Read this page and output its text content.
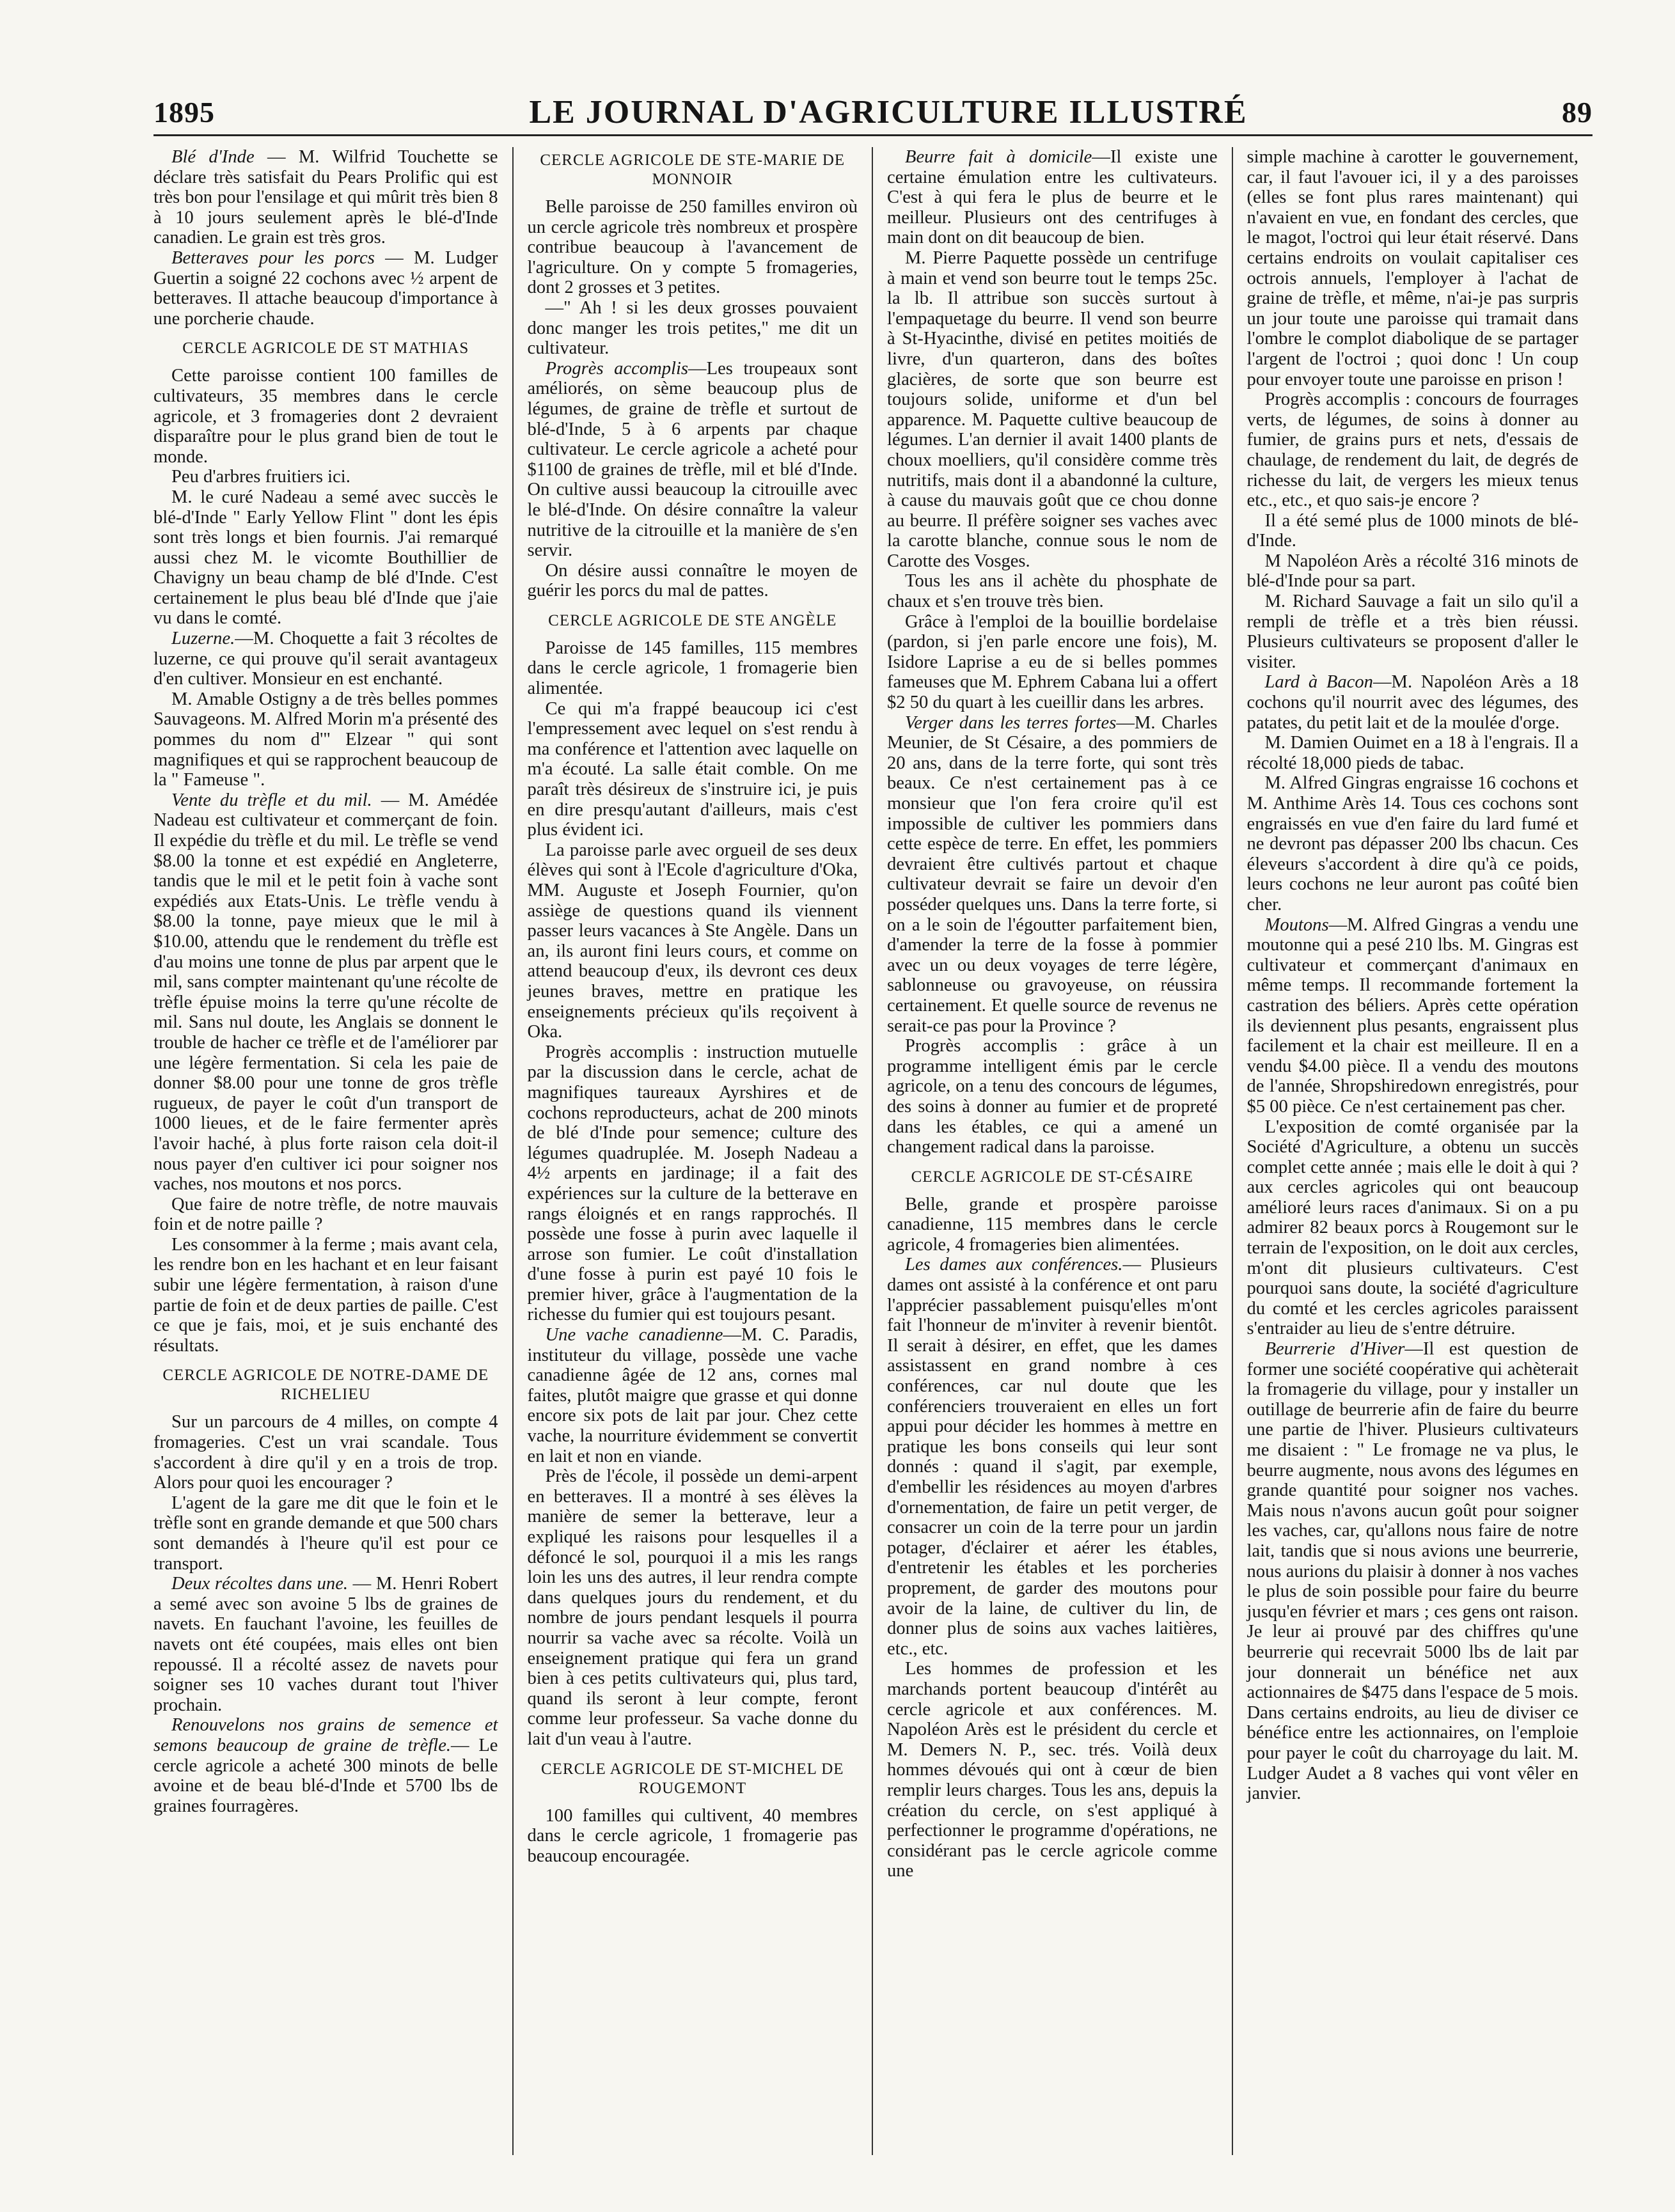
1895	LE JOURNAL D'AGRICULTURE ILLUSTRÉ	89

Blé d'Inde — M. Wilfrid Touchette se déclare très satisfait du Pears Prolific qui est très bon pour l'ensilage et qui mûrit très bien 8 à 10 jours seulement après le blé-d'Inde canadien. Le grain est très gros.

Betteraves pour les porcs — M. Ludger Guertin a soigné 22 cochons avec ½ arpent de betteraves. Il attache beaucoup d'importance à une porcherie chaude.

CERCLE AGRICOLE DE ST MATHIAS

Cette paroisse contient 100 familles de cultivateurs, 35 membres dans le cercle agricole, et 3 fromageries dont 2 devraient disparaître pour le plus grand bien de tout le monde.

Peu d'arbres fruitiers ici.

M. le curé Nadeau a semé avec succès le blé-d'Inde " Early Yellow Flint " dont les épis sont très longs et bien fournis. J'ai remarqué aussi chez M. le vicomte Bouthillier de Chavigny un beau champ de blé d'Inde. C'est certainement le plus beau blé d'Inde que j'aie vu dans le comté.

Luzerne.—M. Choquette a fait 3 récoltes de luzerne, ce qui prouve qu'il serait avantageux d'en cultiver. Monsieur en est enchanté.

M. Amable Ostigny a de très belles pommes Sauvageons. M. Alfred Morin m'a présenté des pommes du nom d'" Elzear " qui sont magnifiques et qui se rapprochent beaucoup de la " Fameuse ".

Vente du trèfle et du mil. — M. Amédée Nadeau est cultivateur et commerçant de foin. Il expédie du trèfle et du mil. Le trèfle se vend $8.00 la tonne et est expédié en Angleterre, tandis que le mil et le petit foin à vache sont expédiés aux Etats-Unis. Le trèfle vendu à $8.00 la tonne, paye mieux que le mil à $10.00, attendu que le rendement du trèfle est d'au moins une tonne de plus par arpent que le mil, sans compter maintenant qu'une récolte de trèfle épuise moins la terre qu'une récolte de mil. Sans nul doute, les Anglais se donnent le trouble de hacher ce trèfle et de l'améliorer par une légère fermentation. Si cela les paie de donner $8.00 pour une tonne de gros trèfle rugueux, de payer le coût d'un transport de 1000 lieues, et de le faire fermenter après l'avoir haché, à plus forte raison cela doit-il nous payer d'en cultiver ici pour soigner nos vaches, nos moutons et nos porcs.

Que faire de notre trèfle, de notre mauvais foin et de notre paille ?

Les consommer à la ferme ; mais avant cela, les rendre bon en les hachant et en leur faisant subir une légère fermentation, à raison d'une partie de foin et de deux parties de paille. C'est ce que je fais, moi, et je suis enchanté des résultats.

CERCLE AGRICOLE DE NOTRE-DAME DE RICHELIEU

Sur un parcours de 4 milles, on compte 4 fromageries. C'est un vrai scandale. Tous s'accordent à dire qu'il y en a trois de trop. Alors pour quoi les encourager ?

L'agent de la gare me dit que le foin et le trèfle sont en grande demande et que 500 chars sont demandés à l'heure qu'il est pour ce transport.

Deux récoltes dans une. — M. Henri Robert a semé avec son avoine 5 lbs de graines de navets. En fauchant l'avoine, les feuilles de navets ont été coupées, mais elles ont bien repoussé. Il a récolté assez de navets pour soigner ses 10 vaches durant tout l'hiver prochain.

Renouvelons nos grains de semence et semons beaucoup de graine de trèfle.— Le cercle agricole a acheté 300 minots de belle avoine et de beau blé-d'Inde et 5700 lbs de graines fourragères.

CERCLE AGRICOLE DE STE-MARIE DE MONNOIR

Belle paroisse de 250 familles environ où un cercle agricole très nombreux et prospère contribue beaucoup à l'avancement de l'agriculture. On y compte 5 fromageries, dont 2 grosses et 3 petites.

—" Ah ! si les deux grosses pouvaient donc manger les trois petites," me dit un cultivateur.

Progrès accomplis—Les troupeaux sont améliorés, on sème beaucoup plus de légumes, de graine de trèfle et surtout de blé-d'Inde, 5 à 6 arpents par chaque cultivateur. Le cercle agricole a acheté pour $1100 de graines de trèfle, mil et blé d'Inde. On cultive aussi beaucoup la citrouille avec le blé-d'Inde. On désire connaître la valeur nutritive de la citrouille et la manière de s'en servir.

On désire aussi connaître le moyen de guérir les porcs du mal de pattes.

CERCLE AGRICOLE DE STE ANGÈLE

Paroisse de 145 familles, 115 membres dans le cercle agricole, 1 fromagerie bien alimentée.

Ce qui m'a frappé beaucoup ici c'est l'empressement avec lequel on s'est rendu à ma conférence et l'attention avec laquelle on m'a écouté. La salle était comble. On me paraît très désireux de s'instruire ici, je puis en dire presqu'autant d'ailleurs, mais c'est plus évident ici.

La paroisse parle avec orgueil de ses deux élèves qui sont à l'Ecole d'agriculture d'Oka, MM. Auguste et Joseph Fournier, qu'on assiège de questions quand ils viennent passer leurs vacances à Ste Angèle. Dans un an, ils auront fini leurs cours, et comme on attend beaucoup d'eux, ils devront ces deux jeunes braves, mettre en pratique les enseignements précieux qu'ils reçoivent à Oka.

Progrès accomplis : instruction mutuelle par la discussion dans le cercle, achat de magnifiques taureaux Ayrshires et de cochons reproducteurs, achat de 200 minots de blé d'Inde pour semence; culture des légumes quadruplée. M. Joseph Nadeau a 4½ arpents en jardinage; il a fait des expériences sur la culture de la betterave en rangs éloignés et en rangs rapprochés. Il possède une fosse à purin avec laquelle il arrose son fumier. Le coût d'installation d'une fosse à purin est payé 10 fois le premier hiver, grâce à l'augmentation de la richesse du fumier qui est toujours pesant.

Une vache canadienne—M. C. Paradis, instituteur du village, possède une vache canadienne âgée de 12 ans, cornes mal faites, plutôt maigre que grasse et qui donne encore six pots de lait par jour. Chez cette vache, la nourriture évidemment se convertit en lait et non en viande.

Près de l'école, il possède un demi-arpent en betteraves. Il a montré à ses élèves la manière de semer la betterave, leur a expliqué les raisons pour lesquelles il a défoncé le sol, pourquoi il a mis les rangs loin les uns des autres, il leur rendra compte dans quelques jours du rendement, et du nombre de jours pendant lesquels il pourra nourrir sa vache avec sa récolte. Voilà un enseignement pratique qui fera un grand bien à ces petits cultivateurs qui, plus tard, quand ils seront à leur compte, feront comme leur professeur. Sa vache donne du lait d'un veau à l'autre.

CERCLE AGRICOLE DE ST-MICHEL DE ROUGEMONT

100 familles qui cultivent, 40 membres dans le cercle agricole, 1 fromagerie pas beaucoup encouragée.

Beurre fait à domicile—Il existe une certaine émulation entre les cultivateurs. C'est à qui fera le plus de beurre et le meilleur. Plusieurs ont des centrifuges à main dont on dit beaucoup de bien.

M. Pierre Paquette possède un centrifuge à main et vend son beurre tout le temps 25c. la lb. Il attribue son succès surtout à l'empaquetage du beurre. Il vend son beurre à St-Hyacinthe, divisé en petites moitiés de livre, d'un quarteron, dans des boîtes glacières, de sorte que son beurre est toujours solide, uniforme et d'un bel apparence. M. Paquette cultive beaucoup de légumes. L'an dernier il avait 1400 plants de choux moelliers, qu'il considère comme très nutritifs, mais dont il a abandonné la culture, à cause du mauvais goût que ce chou donne au beurre. Il préfère soigner ses vaches avec la carotte blanche, connue sous le nom de Carotte des Vosges.

Tous les ans il achète du phosphate de chaux et s'en trouve très bien.

Grâce à l'emploi de la bouillie bordelaise (pardon, si j'en parle encore une fois), M. Isidore Laprise a eu de si belles pommes fameuses que M. Ephrem Cabana lui a offert $2 50 du quart à les cueillir dans les arbres.

Verger dans les terres fortes—M. Charles Meunier, de St Césaire, a des pommiers de 20 ans, dans de la terre forte, qui sont très beaux. Ce n'est certainement pas à ce monsieur que l'on fera croire qu'il est impossible de cultiver les pommiers dans cette espèce de terre. En effet, les pommiers devraient être cultivés partout et chaque cultivateur devrait se faire un devoir d'en posséder quelques uns. Dans la terre forte, si on a le soin de l'égoutter parfaitement bien, d'amender la terre de la fosse à pommier avec un ou deux voyages de terre légère, sablonneuse ou gravoyeuse, on réussira certainement. Et quelle source de revenus ne serait-ce pas pour la Province ?

Progrès accomplis : grâce à un programme intelligent émis par le cercle agricole, on a tenu des concours de légumes, des soins à donner au fumier et de propreté dans les étables, ce qui a amené un changement radical dans la paroisse.

CERCLE AGRICOLE DE ST-CÉSAIRE

Belle, grande et prospère paroisse canadienne, 115 membres dans le cercle agricole, 4 fromageries bien alimentées.

Les dames aux conférences.— Plusieurs dames ont assisté à la conférence et ont paru l'apprécier passablement puisqu'elles m'ont fait l'honneur de m'inviter à revenir bientôt. Il serait à désirer, en effet, que les dames assistassent en grand nombre à ces conférences, car nul doute que les conférenciers trouveraient en elles un fort appui pour décider les hommes à mettre en pratique les bons conseils qui leur sont donnés : quand il s'agit, par exemple, d'embellir les résidences au moyen d'arbres d'ornementation, de faire un petit verger, de consacrer un coin de la terre pour un jardin potager, d'éclairer et aérer les étables, d'entretenir les étables et les porcheries proprement, de garder des moutons pour avoir de la laine, de cultiver du lin, de donner plus de soins aux vaches laitières, etc., etc.

Les hommes de profession et les marchands portent beaucoup d'intérêt au cercle agricole et aux conférences. M. Napoléon Arès est le président du cercle et M. Demers N. P., sec. trés. Voilà deux hommes dévoués qui ont à cœur de bien remplir leurs charges. Tous les ans, depuis la création du cercle, on s'est appliqué à perfectionner le programme d'opérations, ne considérant pas le cercle agricole comme une

simple machine à carotter le gouvernement, car, il faut l'avouer ici, il y a des paroisses (elles se font plus rares maintenant) qui n'avaient en vue, en fondant des cercles, que le magot, l'octroi qui leur était réservé. Dans certains endroits on voulait capitaliser ces octrois annuels, l'employer à l'achat de graine de trèfle, et même, n'ai-je pas surpris un jour toute une paroisse qui tramait dans l'ombre le complot diabolique de se partager l'argent de l'octroi ; quoi donc ! Un coup pour envoyer toute une paroisse en prison !

Progrès accomplis : concours de fourrages verts, de légumes, de soins à donner au fumier, de grains purs et nets, d'essais de chaulage, de rendement du lait, de degrés de richesse du lait, de vergers les mieux tenus etc., etc., et quo sais-je encore ?

Il a été semé plus de 1000 minots de blé-d'Inde.

M Napoléon Arès a récolté 316 minots de blé-d'Inde pour sa part.

M. Richard Sauvage a fait un silo qu'il a rempli de trèfle et a très bien réussi. Plusieurs cultivateurs se proposent d'aller le visiter.

Lard à Bacon—M. Napoléon Arès a 18 cochons qu'il nourrit avec des légumes, des patates, du petit lait et de la moulée d'orge.

M. Damien Ouimet en a 18 à l'engrais. Il a récolté 18,000 pieds de tabac.

M. Alfred Gingras engraisse 16 cochons et M. Anthime Arès 14. Tous ces cochons sont engraissés en vue d'en faire du lard fumé et ne devront pas dépasser 200 lbs chacun. Ces éleveurs s'accordent à dire qu'à ce poids, leurs cochons ne leur auront pas coûté bien cher.

Moutons—M. Alfred Gingras a vendu une moutonne qui a pesé 210 lbs. M. Gingras est cultivateur et commerçant d'animaux en même temps. Il recommande fortement la castration des béliers. Après cette opération ils deviennent plus pesants, engraissent plus facilement et la chair est meilleure. Il en a vendu $4.00 pièce. Il a vendu des moutons de l'année, Shropshiredown enregistrés, pour $5 00 pièce. Ce n'est certainement pas cher.

L'exposition de comté organisée par la Société d'Agriculture, a obtenu un succès complet cette année ; mais elle le doit à qui ? aux cercles agricoles qui ont beaucoup amélioré leurs races d'animaux. Si on a pu admirer 82 beaux porcs à Rougemont sur le terrain de l'exposition, on le doit aux cercles, m'ont dit plusieurs cultivateurs. C'est pourquoi sans doute, la société d'agriculture du comté et les cercles agricoles paraissent s'entraider au lieu de s'entre détruire.

Beurrerie d'Hiver—Il est question de former une société coopérative qui achèterait la fromagerie du village, pour y installer un outillage de beurrerie afin de faire du beurre une partie de l'hiver. Plusieurs cultivateurs me disaient : " Le fromage ne va plus, le beurre augmente, nous avons des légumes en grande quantité pour soigner nos vaches. Mais nous n'avons aucun goût pour soigner les vaches, car, qu'allons nous faire de notre lait, tandis que si nous avions une beurrerie, nous aurions du plaisir à donner à nos vaches le plus de soin possible pour faire du beurre jusqu'en février et mars ; ces gens ont raison. Je leur ai prouvé par des chiffres qu'une beurrerie qui recevrait 5000 lbs de lait par jour donnerait un bénéfice net aux actionnaires de $475 dans l'espace de 5 mois. Dans certains endroits, au lieu de diviser ce bénéfice entre les actionnaires, on l'emploie pour payer le coût du charroyage du lait. M. Ludger Audet a 8 vaches qui vont vêler en janvier.
